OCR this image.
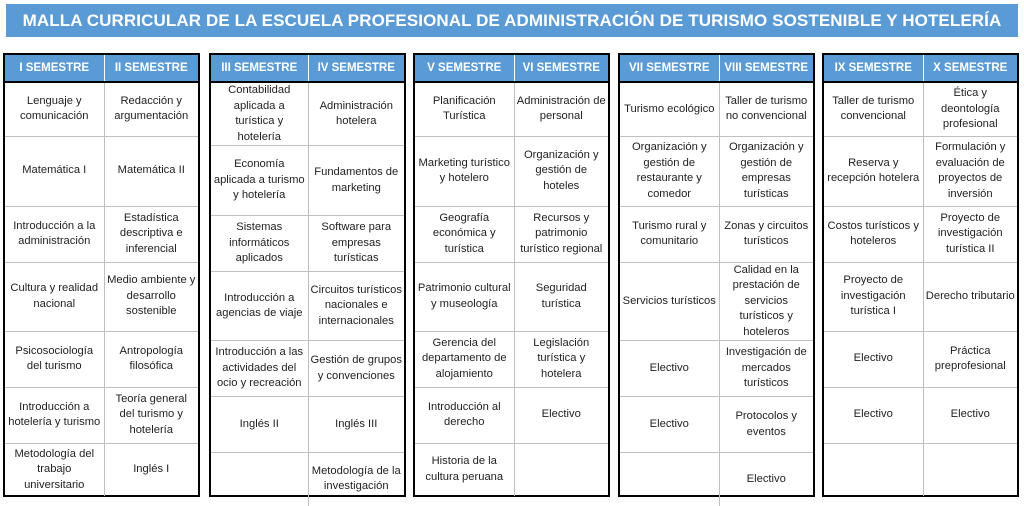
MALLA CURRICULAR DE LA ESCUELA PROFESIONAL DE ADMINISTRACIÓN DE TURISMO SOSTENIBLE Y HOTELERÍA
I SEMESTRE	II SEMESTRE
Lenguaje y comunicación	Redacción y argumentación
Matemática I	Matemática II
Introducción a la administración	Estadística descriptiva e inferencial
Cultura y realidad nacional	Medio ambiente y desarrollo sostenible
Psicosociología del turismo	Antropología filosófica
Introducción a hotelería y turismo	Teoría general del turismo y hotelería
Metodología del trabajo universitario	Inglés I
III SEMESTRE	IV SEMESTRE
Contabilidad aplicada a turística y hotelería	Administración hotelera
Economía aplicada a turismo y hotelería	Fundamentos de marketing
Sistemas informáticos aplicados	Software para empresas turísticas
Introducción a agencias de viaje	Circuitos turísticos nacionales e internacionales
Introducción a las actividades del ocio y recreación	Gestión de grupos y convenciones
Inglés II	Inglés III
	Metodología de la investigación
V SEMESTRE	VI SEMESTRE
Planificación Turística	Administración de personal
Marketing turístico y hotelero	Organización y gestión de hoteles
Geografía económica y turística	Recursos y patrimonio turístico regional
Patrimonio cultural y museología	Seguridad turística
Gerencia del departamento de alojamiento	Legislación turística y hotelera
Introducción al derecho	Electivo
Historia de la cultura peruana	
VII SEMESTRE	VIII SEMESTRE
Turismo ecológico	Taller de turismo no convencional
Organización y gestión de restaurante y comedor	Organización y gestión de empresas turísticas
Turismo rural y comunitario	Zonas y circuitos turísticos
Servicios turísticos	Calidad en la prestación de servicios turísticos y hoteleros
Electivo	Investigación de mercados turísticos
Electivo	Protocolos y eventos
	Electivo
IX SEMESTRE	X SEMESTRE
Taller de turismo convencional	Ética y deontología profesional
Reserva y recepción hotelera	Formulación y evaluación de proyectos de inversión
Costos turísticos y hoteleros	Proyecto de investigación turística II
Proyecto de investigación turística I	Derecho tributario
Electivo	Práctica preprofesional
Electivo	Electivo
